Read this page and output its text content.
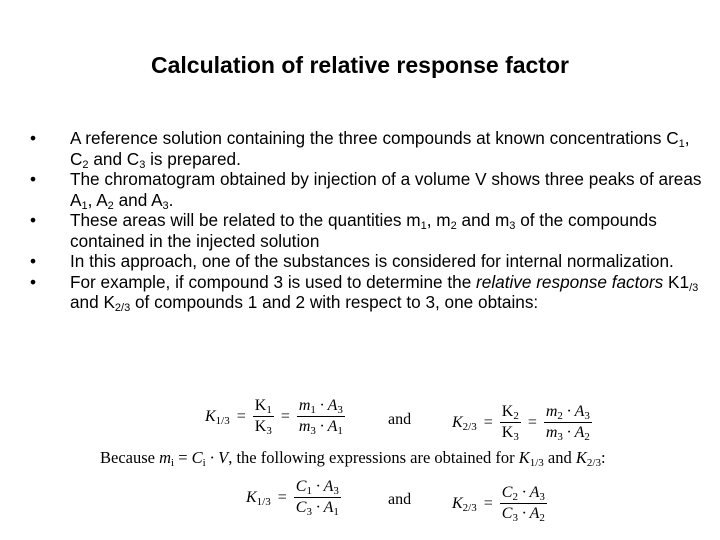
Calculation of relative response factor
• A reference solution containing the three compounds at known concentrations $C_1$, $C_2$ and $C_3$ is prepared.
• The chromatogram obtained by injection of a volume V shows three peaks of areas $A_1$, $A_2$ and $A_3$.
• These areas will be related to the quantities $m_1$, $m_2$ and $m_3$ of the compounds contained in the injected solution
• In this approach, one of the substances is considered for internal normalization.
• For example, if compound 3 is used to determine the relative response factors $K1_{/3}$ and $K_{2/3}$ of compounds 1 and 2 with respect to 3, one obtains:
$K_{1/3} = \frac{K_1}{K_3} = \frac{m_1 \cdot A_3}{m_3 \cdot A_1}$	and	$K_{2/3} = \frac{K_2}{K_3} = \frac{m_2 \cdot A_3}{m_3 \cdot A_2}$
Because $m_i = C_i \cdot V$, the following expressions are obtained for $K_{1/3}$ and $K_{2/3}$:
$K_{1/3} = \frac{C_1 \cdot A_3}{C_3 \cdot A_1}$	and	$K_{2/3} = \frac{C_2 \cdot A_3}{C_3 \cdot A_2}$
